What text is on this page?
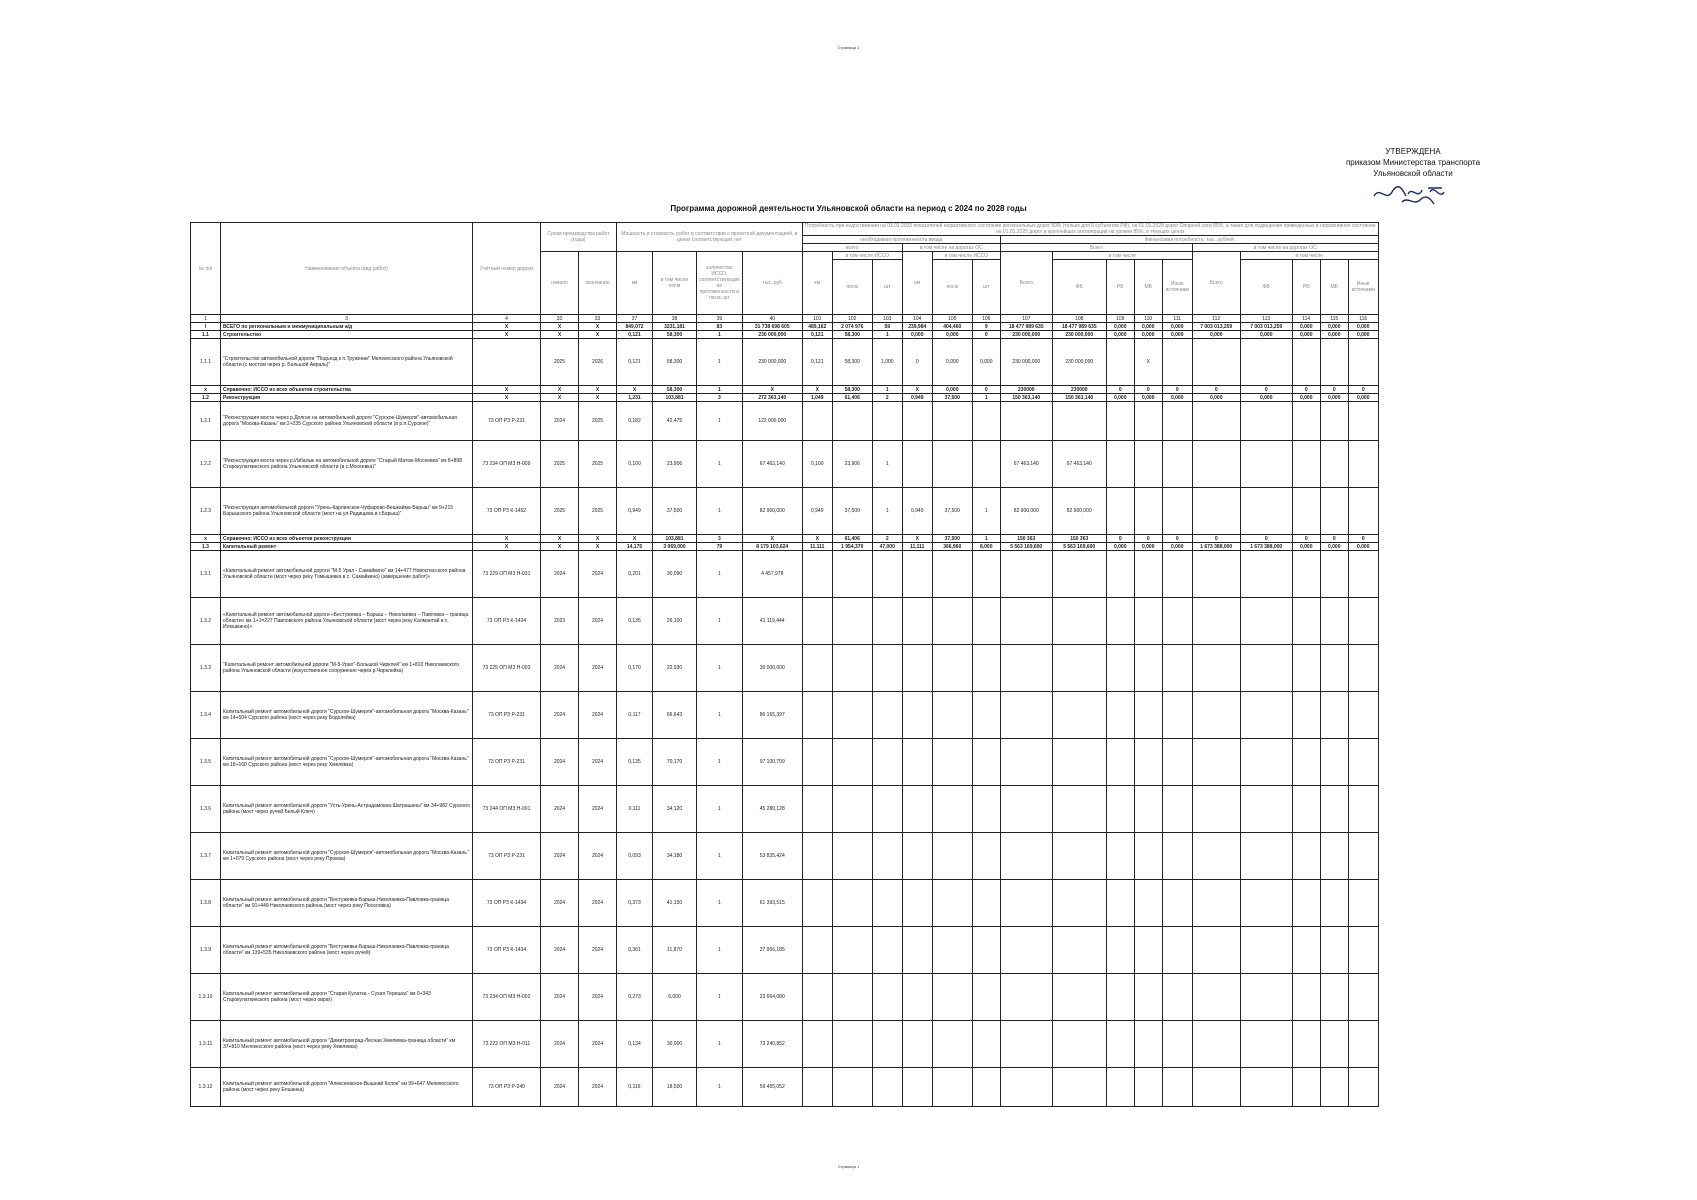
Страница 1
УТВЕРЖДЕНА
приказом Министерства транспорта
Ульяновской области
Программа дорожной деятельности Ульяновской области на период с 2024 по 2028 годы
№ п/п	Наименование объекта (вид работ)	Учётный номер дороги	Сроки производства работ (годы)		Мощность и стоимость работ в соответствии с проектной документацией, в ценах соответствующих лет				Потребность при недостижении на 01.01.2025 показателей нормативного состояния региональных дорог 50% (только для 6 субъектов РФ), на 01.01.2028 дорог Опорной сети 85%, а также для подведения приведенных в нормативное состояние на 01.01.2025 дорог и крупнейших агломераций на уровне 85%, в текущих ценах															
									необходимая протяженность ввода						Финансовая потребность, тыс. рублей									
									всего			в том числе на дорогах ОС			Всего					в том числе на дорогах ОС				
			начало	окончание	км	в том числе пог.м	количество ИССО, соответствующих их протяженности и пог.м, шт	тыс. руб	км	в том числе ИССО		км	в том числе ИССО		Всего	в том числе				Всего	в том числе			
										пог.м	шт		пог.м	шт		ФБ	РБ	МБ	Иные источники		ФБ	РБ	МБ	Иные источники
1	3	4	32	33	37	38	39	40	101	102	103	104	105	106	107	108	109	110	111	112	113	114	115	116
I	ВСЕГО по региональным и межмуниципальным а/д	X	X	X	849,072	3231,181	83	31 738 698 605	489,162	2 074 976	59	239,984	404,460	9	18 477 989 635	18 477 989 635	0,000	0,000	0,000	7 003 013,259	7 003 013,259	0,000	0,000	0,000
1.1	Строительство	X	X	X	0,121	58,300	1	230 000,000	0,121	58,300	1	0,000	0,000	0	230 000,000	230 000,000	0,000	0,000	0,000	0,000	0,000	0,000	0,000	0,000
1.1.1	"Строительство автомобильной дороги "Подъезд к п.Труженик" Мелекесского района Ульяновской области (с мостом через р. Большой Авраль)"		2025	2026	0,121	58,300	1	230 000,000	0,121	58,300	1,000	0	0,000	0,000	230 000,000	230 000,000		X						
x	Справочно: ИССО из всех объектов строительства	X	X	X	X	58,300	1	X	X	58,300	1	X	0,000	0	230000	230000	0	0	0	0	0	0	0	0
1.2	Реконструкция	X	X	X	1,231	103,881	3	272 363,140	1,049	61,406	2	0,949	37,500	1	150 363,140	150 363,140	0,000	0,000	0,000	0,000	0,000	0,000	0,000	0,000
1.2.1	"Реконструкция моста через р.Долгая на автомобильной дороге "Сурское-Шумерля"-автомобильная дорога "Москва-Казань" км 2+235 Сурского района Ульяновской области (в р.п.Сурское)"	73 ОП РЗ Р-231	2024	2025	0,182	42,475	1	122 000,000																
1.2.2	"Реконструкция моста через р.Избалык на автомобильной дороге "Старый Матюк-Мосеевка" км 8+898 Старокулаткинского района Ульяновской области (в с.Мосеевка)"	73 234 ОП МЗ Н-009	2025	2025	0,100	23,906	1	67 463,140	0,100	23,906	1				67 463,140	67 463,140								
1.2.3	"Реконструкция автомобильной дороги "Урень-Карлинское-Чуфарово-Вешкайма-Барыш" км 9+215 Барышского района Ульяновской области (мост на ул.Радищева в г.Барыш)"	73 ОП РЗ К-1452	2025	2025	0,949	37,500	1	82 900,000	0,949	37,500	1	0,949	37,500	1	82 900,000	82 900,000								
x	Справочно: ИССО из всех объектов реконструкции	X	X	X	X	103,881	3	X	X	61,406	2	X	37,500	1	150 363	150 363	0	0	0	0	0	0	0	0
1.3	Капитальный ремонт	X	X	X	14,175	3 069,000	79	8 179 103,624	11,111	1 954,370	47,000	11,111	366,960	8,000	5 563 169,600	5 563 169,600	0,000	0,000	0,000	1 673 388,000	1 673 388,000	0,000	0,000	0,000
1.3.1	«Капитальный ремонт автомобильной дороги "М-5 Урал - Самайкино" км 14+477 Новоспасского района Ульяновской области (мост через реку Томышевка в с. Самайкино) (завершение работ)»	73 229 ОП МЗ Н-031	2024	2024	0,201	30,090	1	4 457,978																
1.3.2	«Капитальный ремонт автомобильной дороги «Бестужевка – Барыш – Николаевка – Павловка – граница области» км 1+1=227 Павловского района Ульяновской области (мост через реку Калмантай в с. Илюшкино)»	73 ОП РЗ К-1434	2023	2024	0,135	26,100	1	41 119,444																
1.3.3	"Капитальный ремонт автомобильной дороги "М-5-Урал"-Большой Чирклей" км 1+810 Николаевского района Ульяновской области (искусственное сооружение через р.Чирклейка)	73 225 ОП МЗ Н-003	2024	2024	0,170	22,930	1	30 000,000																
1.3.4	Капитальный ремонт автомобильной дороги "Сурское-Шумерля"-автомобильная дорога "Москва-Казань" км 14+504 Сурского района (мост через реку Бодолейка)	73 ОП РЗ Р-231	2024	2024	0,117	66,643	1	86 165,397																
1.3.5	Капитальный ремонт автомобильной дороги "Сурское-Шумерля"-автомобильная дорога "Москва-Казань" км 18+160 Сурского района (мост через реку Хмелевка)	73 ОП РЗ Р-231	2024	2024	0,135	70,170	1	97 100,709																
1.3.6	Капитальный ремонт автомобильной дороги "Усть-Урень-Астрадамовка-Шатрашаны" км 34+982 Сурского района (мост через ручей Белый Ключ)	73 244 ОП МЗ Н-001	2024	2024	0,111	34,120	1	45 280,128																
1.3.7	Капитальный ремонт автомобильной дороги "Сурское-Шумерля"-автомобильная дорога "Москва-Казань" км 1+079 Сурского района (мост через реку Промза)	73 ОП РЗ Р-231	2024	2024	0,093	34,180	1	53 835,424																
1.3.8	Капитальный ремонт автомобильной дороги "Бестужевка-Барыш-Николаевка-Павловка-граница области" км 91+449 Николаевского района (мост через реку Поселовка)	73 ОП РЗ К-1434	2024	2024	0,373	41,150	1	61 393,515																
1.3.9	Капитальный ремонт автомобильной дороги "Бестужевка-Барыш-Николаевка-Павловка-граница области" км 139+535 Николаевского района (мост через ручей)	73 ОП РЗ К-1434	2024	2024	0,361	11,870	1	37 956,185																
1.3.10	Капитальный ремонт автомобильной дороги "Старая Кулатка - Сухая Терешка" км 0+343 Старокулаткинского района (мост через овраг)	73 234 ОП МЗ Н-002	2024	2024	0,273	6,000	1	23 664,080																
1.3.11	Капитальный ремонт автомобильной дороги "Димитровград-Лесная Хмелевка-граница области" км 37+810 Мелекесского района (мост через реку Хмелевка)	73 222 ОП МЗ Н-011	2024	2024	0,134	30,000	1	73 240,852																
1.3.12	Капитальный ремонт автомобильной дороги "Алексеевское-Вышний Колок" км 99+647 Мелекесского района (мост через реку Елшанка)	73 ОП РЗ Р-240	2024	2024	0,116	18,500	1	59 455,052																
Страница 1
